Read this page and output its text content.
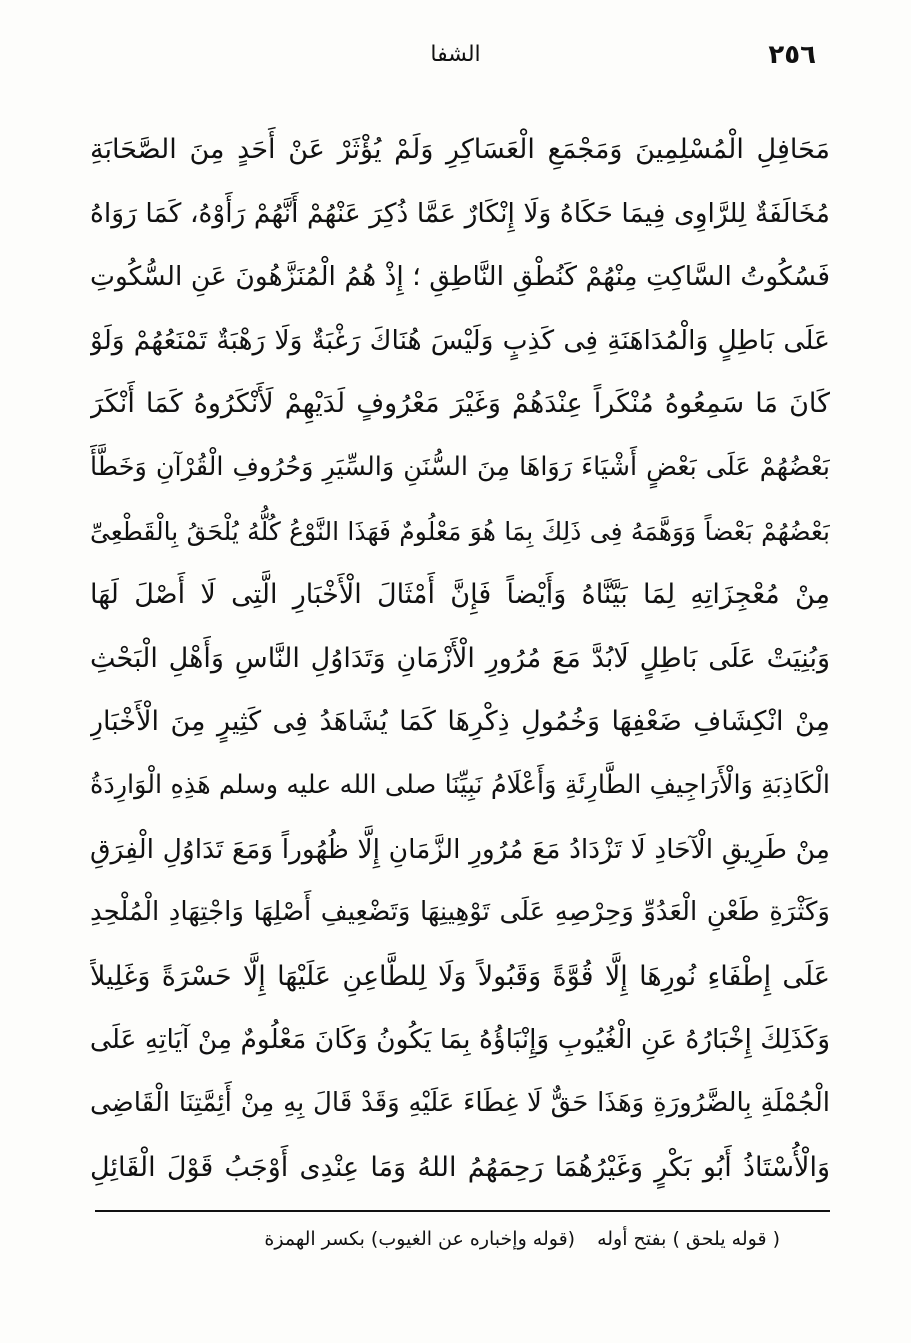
٢٥٦
الشفا
مَحَافِلِ الْمُسْلِمِينَ وَمَجْمَعِ الْعَسَاكِرِ وَلَمْ يُؤْثَرْ عَنْ أَحَدٍ مِنَ الصَّحَابَةِ
مُخَالَفَةٌ لِلرَّاوِى فِيمَا حَكَاهُ وَلَا إِنْكَارٌ عَمَّا ذُكِرَ عَنْهُمْ أَنَّهُمْ رَأَوْهُ، كَمَا رَوَاهُ
فَسُكُوتُ السَّاكِتِ مِنْهُمْ كَنُطْقِ النَّاطِقِ ؛ إِذْ هُمُ الْمُنَزَّهُونَ عَنِ السُّكُوتِ
عَلَى بَاطِلٍ وَالْمُدَاهَنَةِ فِى كَذِبٍ وَلَيْسَ هُنَاكَ رَغْبَةٌ وَلَا رَهْبَةٌ تَمْنَعُهُمْ وَلَوْ
كَانَ مَا سَمِعُوهُ مُنْكَراً عِنْدَهُمْ وَغَيْرَ مَعْرُوفٍ لَدَيْهِمْ لَأَنْكَرُوهُ كَمَا أَنْكَرَ
بَعْضُهُمْ عَلَى بَعْضٍ أَشْيَاءَ رَوَاهَا مِنَ السُّنَنِ وَالسِّيَرِ وَحُرُوفِ الْقُرْآنِ وَخَطَّأَ
بَعْضُهُمْ بَعْضاً وَوَهَّمَهُ فِى ذَلِكَ بِمَا هُوَ مَعْلُومٌ فَهَذَا النَّوْعُ كُلُّهُ يُلْحَقُ بِالْقَطْعِىِّ
مِنْ مُعْجِزَاتِهِ لِمَا بَيَّنَّاهُ وَأَيْضاً فَإِنَّ أَمْثَالَ الْأَخْبَارِ الَّتِى لَا أَصْلَ لَهَا
وَبُنِيَتْ عَلَى بَاطِلٍ لَابُدَّ مَعَ مُرُورِ الْأَزْمَانِ وَتَدَاوُلِ النَّاسِ وَأَهْلِ الْبَحْثِ
مِنْ انْكِشَافِ ضَعْفِهَا وَخُمُولِ ذِكْرِهَا كَمَا يُشَاهَدُ فِى كَثِيرٍ مِنَ الْأَخْبَارِ
الْكَاذِبَةِ وَالْأَرَاجِيفِ الطَّارِئَةِ وَأَعْلَامُ نَبِيِّنَا صلى الله عليه وسلم هَذِهِ الْوَارِدَةُ
مِنْ طَرِيقِ الْآحَادِ لَا تَزْدَادُ مَعَ مُرُورِ الزَّمَانِ إِلَّا ظُهُوراً وَمَعَ تَدَاوُلِ الْفِرَقِ
وَكَثْرَةِ طَعْنِ الْعَدُوِّ وَحِرْصِهِ عَلَى تَوْهِينِهَا وَتَضْعِيفِ أَصْلِهَا وَاجْتِهَادِ الْمُلْحِدِ
عَلَى إِطْفَاءِ نُورِهَا إِلَّا قُوَّةً وَقَبُولاً وَلَا لِلطَّاعِنِ عَلَيْهَا إِلَّا حَسْرَةً وَغَلِيلاً
وَكَذَلِكَ إِخْبَارُهُ عَنِ الْغُيُوبِ وَإِنْبَاؤُهُ بِمَا يَكُونُ وَكَانَ مَعْلُومٌ مِنْ آيَاتِهِ عَلَى
الْجُمْلَةِ بِالضَّرُورَةِ وَهَذَا حَقٌّ لَا غِطَاءَ عَلَيْهِ وَقَدْ قَالَ بِهِ مِنْ أَئِمَّتِنَا الْقَاضِى
وَالْأُسْتَاذُ أَبُو بَكْرٍ وَغَيْرُهُمَا رَحِمَهُمُ اللهُ وَمَا عِنْدِى أَوْجَبُ قَوْلَ الْقَائِلِ
( قوله يلحق ) بفتح أوله(قوله وإخباره عن الغيوب) بكسر الهمزة
